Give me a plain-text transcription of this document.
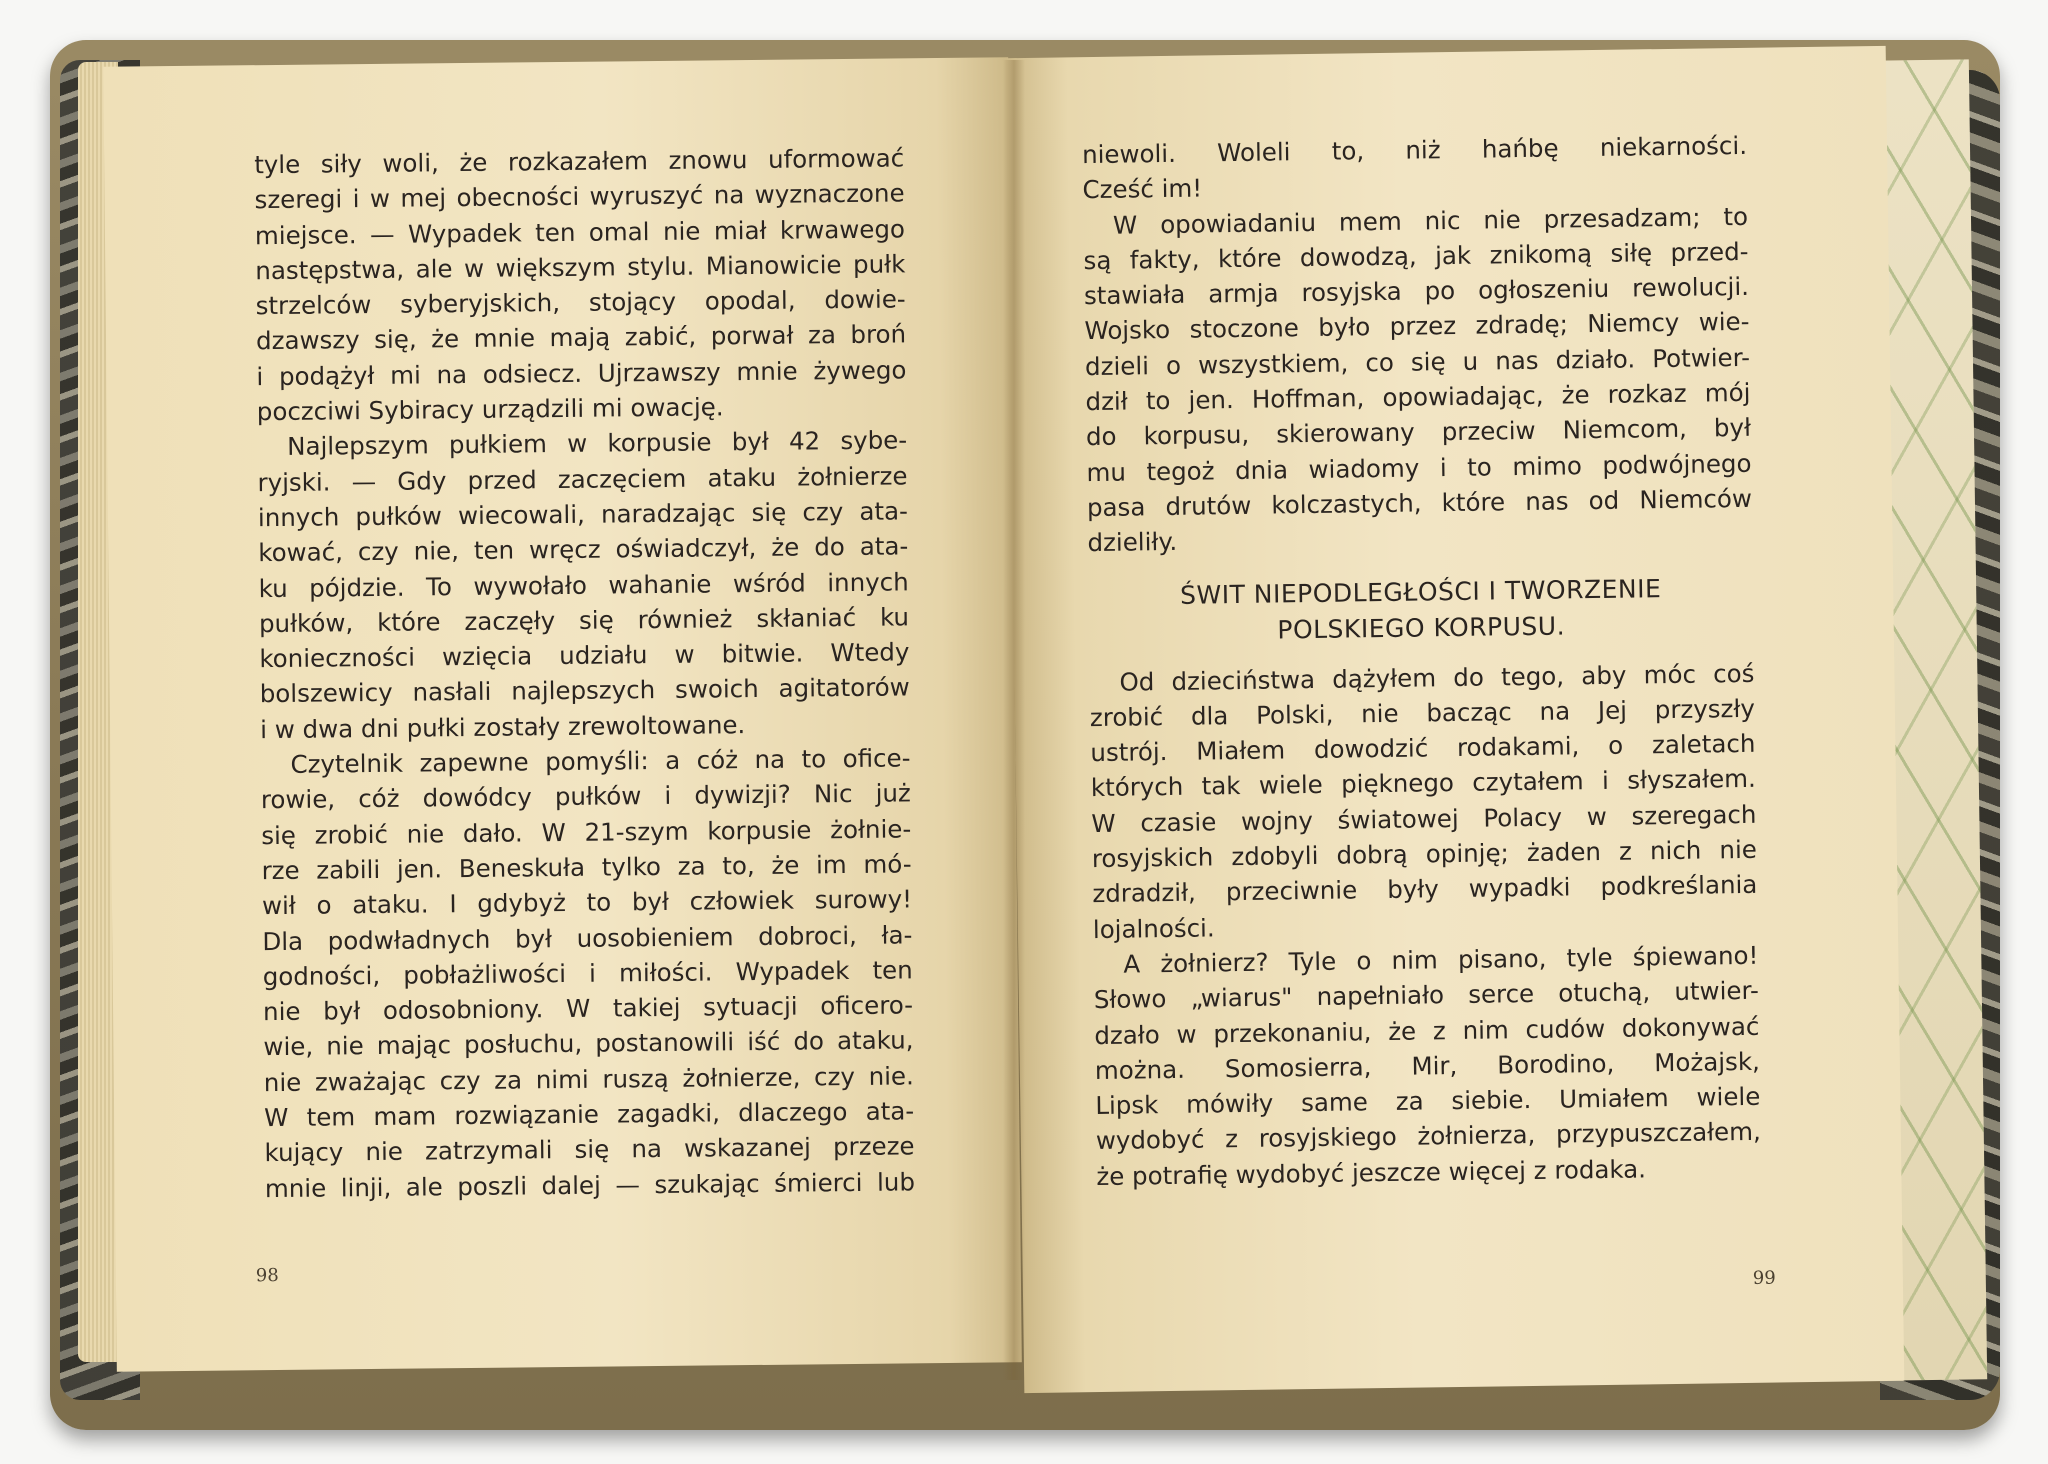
tyle siły woli, że rozkazałem znowu uformować
szeregi i w mej obecności wyruszyć na wyznaczone
miejsce. — Wypadek ten omal nie miał krwawego
następstwa, ale w większym stylu. Mianowicie pułk
strzelców syberyjskich, stojący opodal, dowie-
dzawszy się, że mnie mają zabić, porwał za broń
i podążył mi na odsiecz. Ujrzawszy mnie żywego
poczciwi Sybiracy urządzili mi owację.
Najlepszym pułkiem w korpusie był 42 sybe-
ryjski. — Gdy przed zaczęciem ataku żołnierze
innych pułków wiecowali, naradzając się czy ata-
kować, czy nie, ten wręcz oświadczył, że do ata-
ku pójdzie. To wywołało wahanie wśród innych
pułków, które zaczęły się również skłaniać ku
konieczności wzięcia udziału w bitwie. Wtedy
bolszewicy nasłali najlepszych swoich agitatorów
i w dwa dni pułki zostały zrewoltowane.
Czytelnik zapewne pomyśli: a cóż na to oficе-
rowie, cóż dowódcy pułków i dywizji? Nic już
się zrobić nie dało. W 21-szym korpusie żołnie-
rze zabili jen. Beneskuła tylko za to, że im mó-
wił o ataku. I gdybyż to był człowiek surowy!
Dla podwładnych był uosobieniem dobroci, ła-
godności, pobłażliwości i miłości. Wypadek ten
nie był odosobniony. W takiej sytuacji oficero-
wie, nie mając posłuchu, postanowili iść do ataku,
nie zważając czy za nimi ruszą żołnierze, czy nie.
W tem mam rozwiązanie zagadki, dlaczego ata-
kujący nie zatrzymali się na wskazanej przeze
mnie linji, ale poszli dalej — szukając śmierci lub
98
niewoli. Woleli to, niż hańbę niekarności.
Cześć im!
W opowiadaniu mem nic nie przesadzam; to
są fakty, które dowodzą, jak znikomą siłę przed-
stawiała armja rosyjska po ogłoszeniu rewolucji.
Wojsko stoczone było przez zdradę; Niemcy wie-
dzieli o wszystkiem, co się u nas działo. Potwier-
dził to jen. Hoffman, opowiadając, że rozkaz mój
do korpusu, skierowany przeciw Niemcom, był
mu tegoż dnia wiadomy i to mimo podwójnego
pasa drutów kolczastych, które nas od Niemców
dzieliły.
ŚWIT NIEPODLEGŁOŚCI I TWORZENIE
POLSKIEGO KORPUSU.
Od dzieciństwa dążyłem do tego, aby móc coś
zrobić dla Polski, nie bacząc na Jej przyszły
ustrój. Miałem dowodzić rodakami, o zaletach
których tak wiele pięknego czytałem i słyszałem.
W czasie wojny światowej Polacy w szeregach
rosyjskich zdobyli dobrą opinję; żaden z nich nie
zdradził, przeciwnie były wypadki podkreślania
lojalności.
A żołnierz? Tyle o nim pisano, tyle śpiewano!
Słowo „wiarus" napełniało serce otuchą, utwier-
dzało w przekonaniu, że z nim cudów dokonywać
można. Somosierra, Mir, Borodino, Możajsk,
Lipsk mówiły same za siebie. Umiałem wiele
wydobyć z rosyjskiego żołnierza, przypuszczałem,
że potrafię wydobyć jeszcze więcej z rodaka.
99
